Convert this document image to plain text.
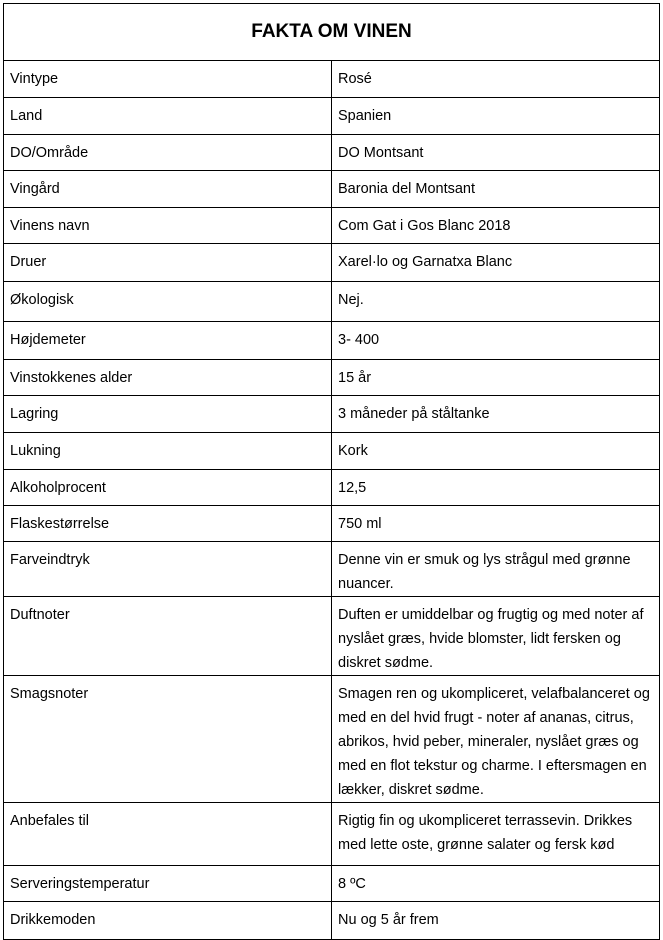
FAKTA OM VINEN	
Vintype	Rosé
Land	Spanien
DO/Område	DO Montsant
Vingård	Baronia del Montsant
Vinens navn	Com Gat i Gos Blanc 2018
Druer	Xarel·lo og Garnatxa Blanc
Økologisk	Nej.
Højdemeter	3- 400
Vinstokkenes alder	15 år
Lagring	3 måneder på ståltanke
Lukning	Kork
Alkoholprocent	12,5
Flaskestørrelse	750 ml
Farveindtryk	Denne vin er smuk og lys strågul med grønne nuancer.
Duftnoter	Duften er umiddelbar og frugtig og med noter af nyslået græs, hvide blomster, lidt fersken og diskret sødme.
Smagsnoter	Smagen ren og ukompliceret, velafbalanceret og med en del hvid frugt - noter af ananas, citrus, abrikos, hvid peber, mineraler, nyslået græs og med en flot tekstur og charme. I eftersmagen en lækker, diskret sødme.
Anbefales til	Rigtig fin og ukompliceret terrassevin. Drikkes med lette oste, grønne salater og fersk kød
Serveringstemperatur	8 ºC
Drikkemoden	Nu og 5 år frem
